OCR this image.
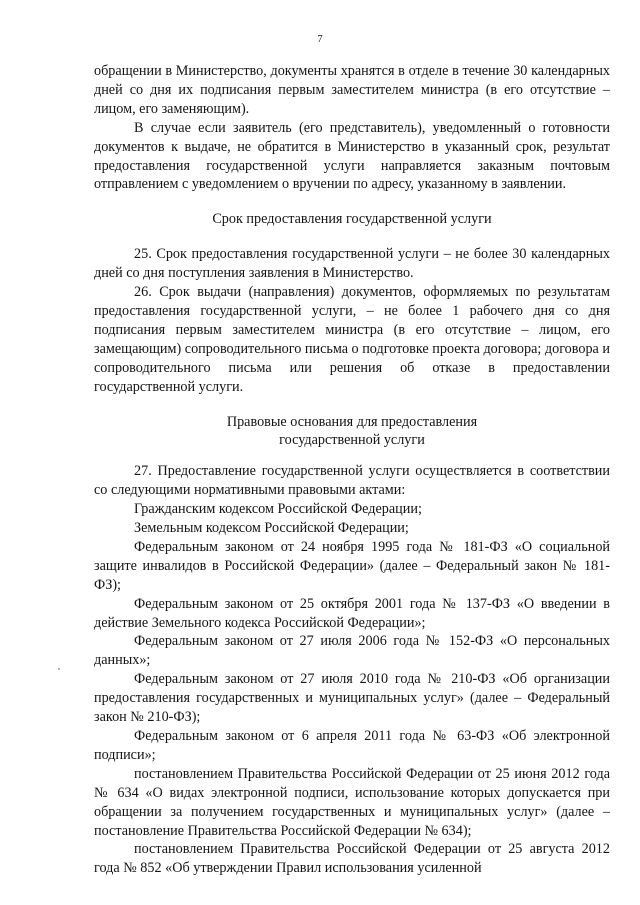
7

обращении в Министерство, документы хранятся в отделе в течение 30 календарных дней со дня их подписания первым заместителем министра (в его отсутствие – лицом, его заменяющим).

В случае если заявитель (его представитель), уведомленный о готовности документов к выдаче, не обратится в Министерство в указанный срок, результат предоставления государственной услуги направляется заказным почтовым отправлением с уведомлением о вручении по адресу, указанному в заявлении.

Срок предоставления государственной услуги

25. Срок предоставления государственной услуги – не более 30 календарных дней со дня поступления заявления в Министерство.

26. Срок выдачи (направления) документов, оформляемых по результатам предоставления государственной услуги, – не более 1 рабочего дня со дня подписания первым заместителем министра (в его отсутствие – лицом, его замещающим) сопроводительного письма о подготовке проекта договора; договора и сопроводительного письма или решения об отказе в предоставлении государственной услуги.

Правовые основания для предоставления

государственной услуги

27. Предоставление государственной услуги осуществляется в соответствии со следующими нормативными правовыми актами:

Гражданским кодексом Российской Федерации;

Земельным кодексом Российской Федерации;

Федеральным законом от 24 ноября 1995 года № 181-ФЗ «О социальной защите инвалидов в Российской Федерации» (далее – Федеральный закон № 181-ФЗ);

Федеральным законом от 25 октября 2001 года № 137-ФЗ «О введении в действие Земельного кодекса Российской Федерации»;

Федеральным законом от 27 июля 2006 года № 152-ФЗ «О персональных данных»;

Федеральным законом от 27 июля 2010 года № 210-ФЗ «Об организации предоставления государственных и муниципальных услуг» (далее – Федеральный закон № 210-ФЗ);

Федеральным законом от 6 апреля 2011 года № 63-ФЗ «Об электронной подписи»;

постановлением Правительства Российской Федерации от 25 июня 2012 года № 634 «О видах электронной подписи, использование которых допускается при обращении за получением государственных и муниципальных услуг» (далее – постановление Правительства Российской Федерации № 634);

постановлением Правительства Российской Федерации от 25 августа 2012 года № 852 «Об утверждении Правил использования усиленной
